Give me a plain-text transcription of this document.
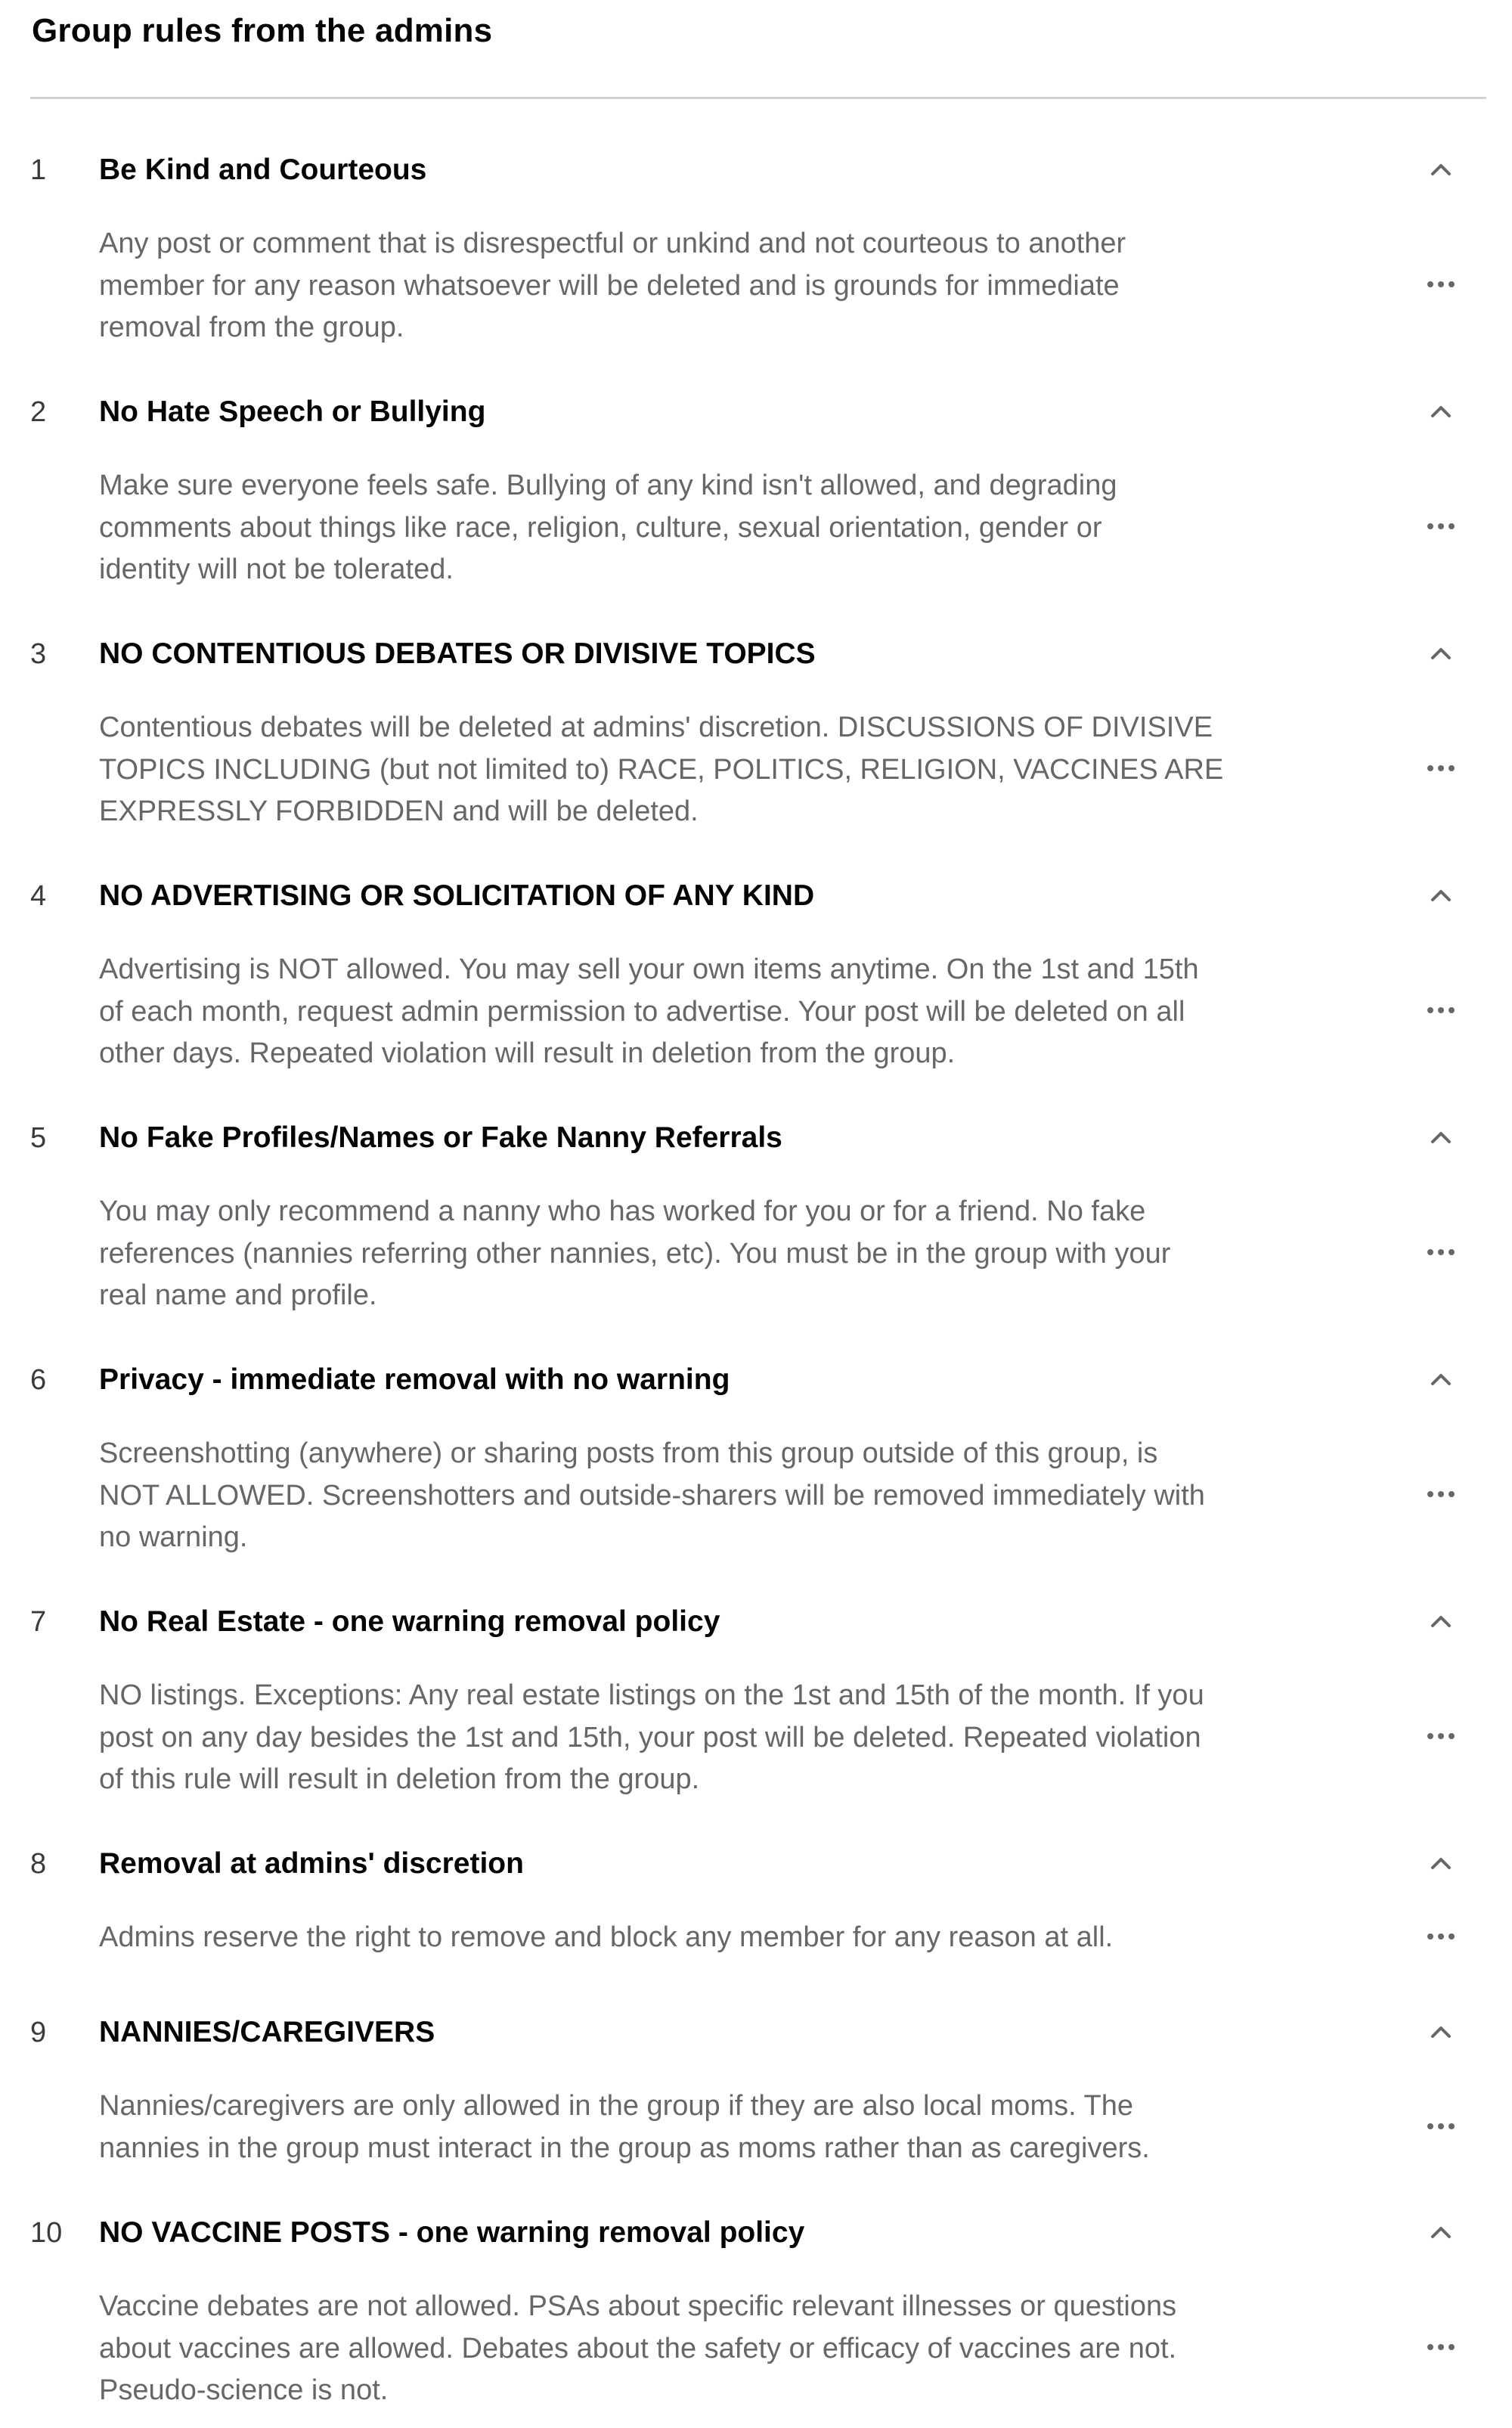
Group rules from the admins
1	Be Kind and Courteous
Any post or comment that is disrespectful or unkind and not courteous to another
member for any reason whatsoever will be deleted and is grounds for immediate
removal from the group.
2	No Hate Speech or Bullying
Make sure everyone feels safe. Bullying of any kind isn't allowed, and degrading
comments about things like race, religion, culture, sexual orientation, gender or
identity will not be tolerated.
3	NO CONTENTIOUS DEBATES OR DIVISIVE TOPICS
Contentious debates will be deleted at admins' discretion. DISCUSSIONS OF DIVISIVE
TOPICS INCLUDING (but not limited to) RACE, POLITICS, RELIGION, VACCINES ARE
EXPRESSLY FORBIDDEN and will be deleted.
4	NO ADVERTISING OR SOLICITATION OF ANY KIND
Advertising is NOT allowed. You may sell your own items anytime. On the 1st and 15th
of each month, request admin permission to advertise. Your post will be deleted on all
other days. Repeated violation will result in deletion from the group.
5	No Fake Profiles/Names or Fake Nanny Referrals
You may only recommend a nanny who has worked for you or for a friend. No fake
references (nannies referring other nannies, etc). You must be in the group with your
real name and profile.
6	Privacy - immediate removal with no warning
Screenshotting (anywhere) or sharing posts from this group outside of this group, is
NOT ALLOWED. Screenshotters and outside-sharers will be removed immediately with
no warning.
7	No Real Estate - one warning removal policy
NO listings. Exceptions: Any real estate listings on the 1st and 15th of the month. If you
post on any day besides the 1st and 15th, your post will be deleted. Repeated violation
of this rule will result in deletion from the group.
8	Removal at admins' discretion
Admins reserve the right to remove and block any member for any reason at all.
9	NANNIES/CAREGIVERS
Nannies/caregivers are only allowed in the group if they are also local moms. The
nannies in the group must interact in the group as moms rather than as caregivers.
10	NO VACCINE POSTS - one warning removal policy
Vaccine debates are not allowed. PSAs about specific relevant illnesses or questions
about vaccines are allowed. Debates about the safety or efficacy of vaccines are not.
Pseudo-science is not.
